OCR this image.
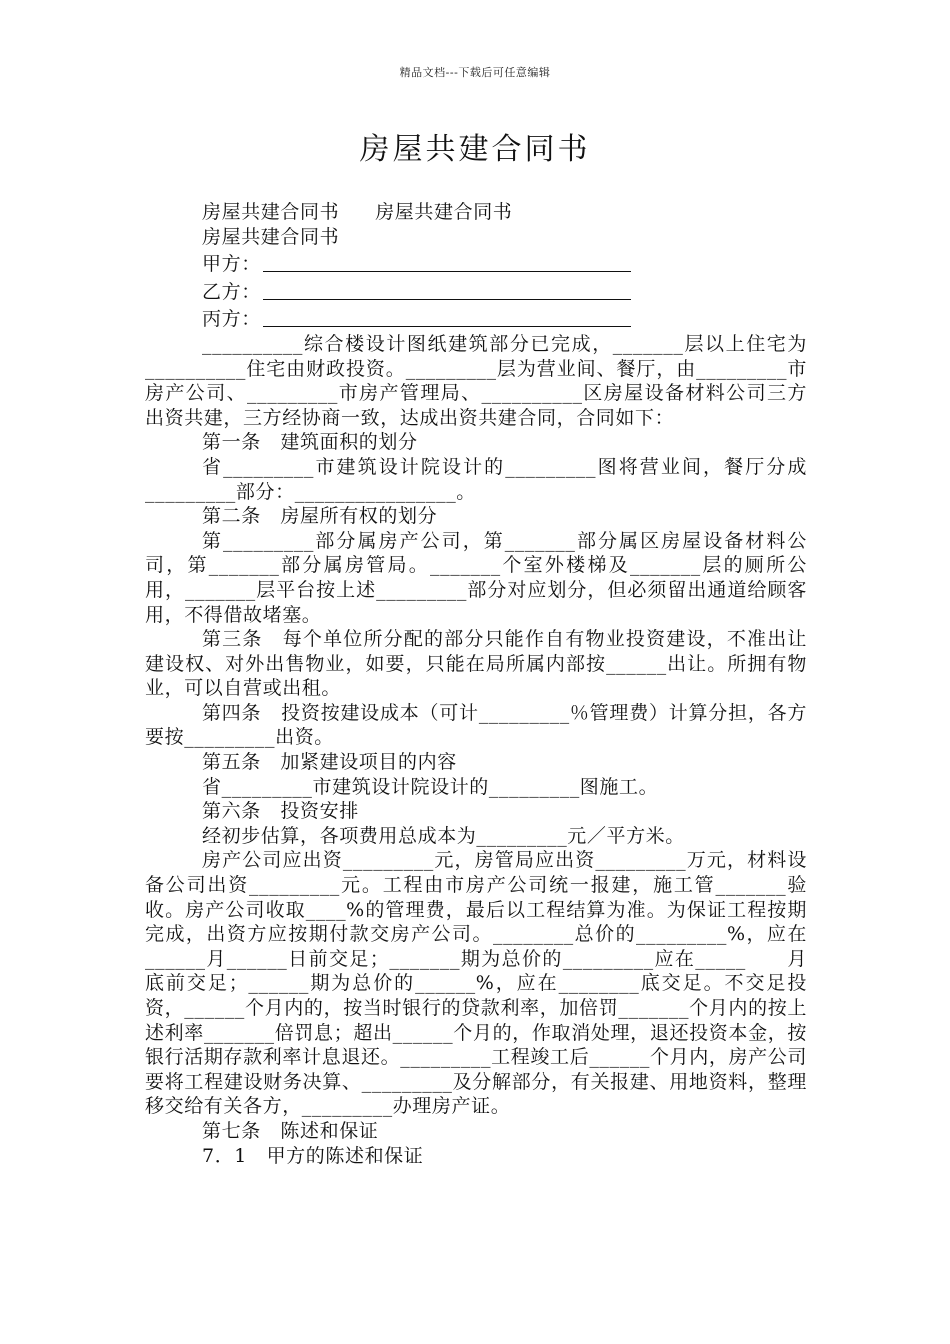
精品文档---下载后可任意编辑
房屋共建合同书

房屋共建合同书 房屋共建合同书

房屋共建合同书

甲方：

乙方：

丙方：

__________综合楼设计图纸建筑部分已完成，_______层以上住宅为__________住宅由财政投资。_________层为营业间、餐厅，由_________市房产公司、_________市房产管理局、__________区房屋设备材料公司三方出资共建，三方经协商一致，达成出资共建合同，合同如下：

第一条　建筑面积的划分

省_________市建筑设计院设计的_________图将营业间，餐厅分成_________部分：________________。

第二条　房屋所有权的划分

第_________部分属房产公司，第_______部分属区房屋设备材料公司，第_______部分属房管局。_______个室外楼梯及_______层的厕所公用，_______层平台按上述_________部分对应划分，但必须留出通道给顾客用，不得借故堵塞。

第三条　每个单位所分配的部分只能作自有物业投资建设，不准出让建设权、对外出售物业，如要，只能在局所属内部按______出让。所拥有物业，可以自营或出租。

第四条　投资按建设成本（可计_________％管理费）计算分担，各方要按_________出资。

第五条　加紧建设项目的内容

省_________市建筑设计院设计的_________图施工。

第六条　投资安排

经初步估算，各项费用总成本为_________元／平方米。

房产公司应出资_________元，房管局应出资_________万元，材料设备公司出资_________元。工程由市房产公司统一报建，施工管_______验收。房产公司收取____%的管理费，最后以工程结算为准。为保证工程按期完成，出资方应按期付款交房产公司。________总价的_________%，应在______月______日前交足；_______期为总价的_________应在_____　　月底前交足；______期为总价的______%，应在________底交足。不交足投资，______个月内的，按当时银行的贷款利率，加倍罚_______个月内的按上述利率_______倍罚息；超出______个月的，作取消处理，退还投资本金，按银行活期存款利率计息退还。_________工程竣工后______个月内，房产公司要将工程建设财务决算、_________及分解部分，有关报建、用地资料，整理移交给有关各方，_________办理房产证。

第七条　陈述和保证

7．1　甲方的陈述和保证
